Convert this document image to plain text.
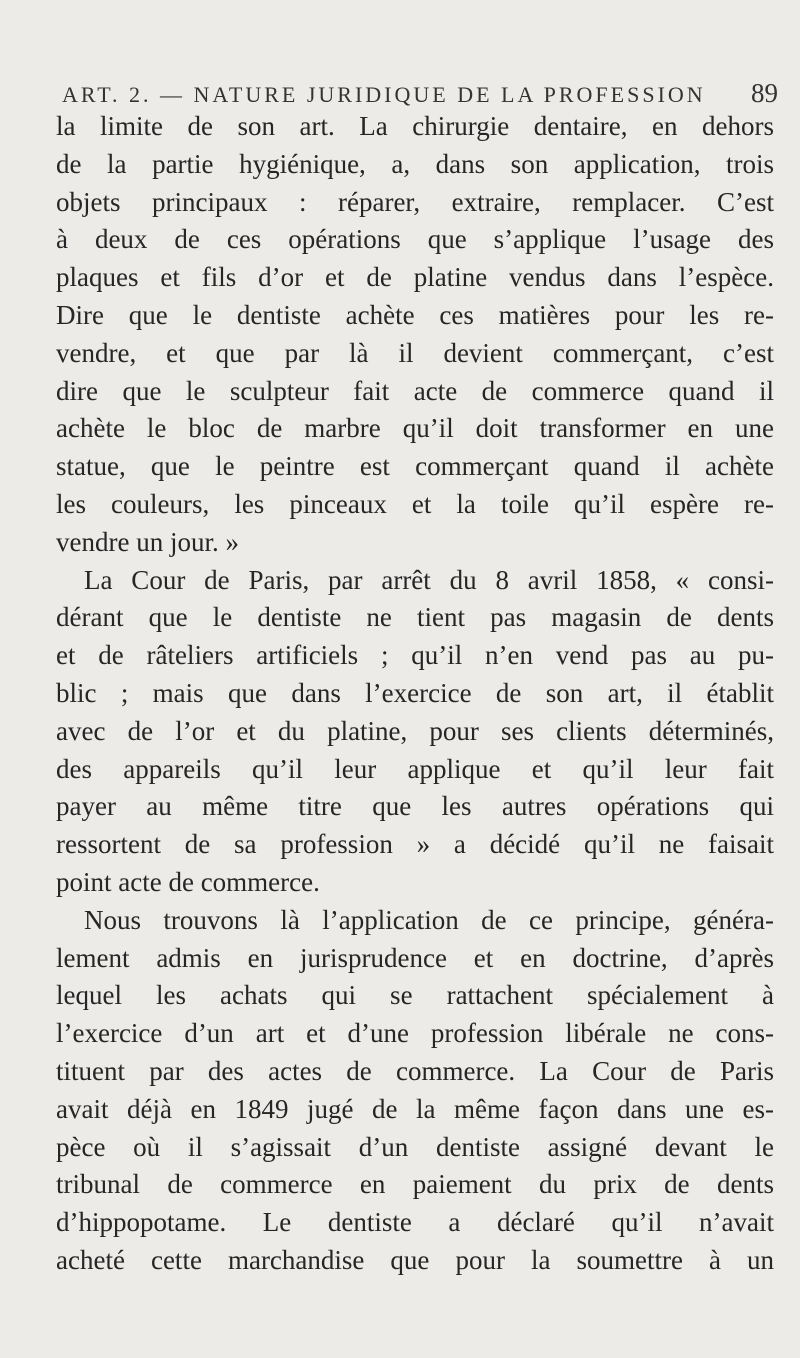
ART. 2. — NATURE JURIDIQUE DE LA PROFESSION 89
la limite de son art. La chirurgie dentaire, en dehors
de la partie hygiénique, a, dans son application, trois
objets principaux : réparer, extraire, remplacer. C’est
à deux de ces opérations que s’applique l’usage des
plaques et fils d’or et de platine vendus dans l’espèce.
Dire que le dentiste achète ces matières pour les re-
vendre, et que par là il devient commerçant, c’est
dire que le sculpteur fait acte de commerce quand il
achète le bloc de marbre qu’il doit transformer en une
statue, que le peintre est commerçant quand il achète
les couleurs, les pinceaux et la toile qu’il espère re-
vendre un jour. »
La Cour de Paris, par arrêt du 8 avril 1858, « consi-
dérant que le dentiste ne tient pas magasin de dents
et de râteliers artificiels ; qu’il n’en vend pas au pu-
blic ; mais que dans l’exercice de son art, il établit
avec de l’or et du platine, pour ses clients déterminés,
des appareils qu’il leur applique et qu’il leur fait
payer au même titre que les autres opérations qui
ressortent de sa profession » a décidé qu’il ne faisait
point acte de commerce.
Nous trouvons là l’application de ce principe, généra-
lement admis en jurisprudence et en doctrine, d’après
lequel les achats qui se rattachent spécialement à
l’exercice d’un art et d’une profession libérale ne cons-
tituent par des actes de commerce. La Cour de Paris
avait déjà en 1849 jugé de la même façon dans une es-
pèce où il s’agissait d’un dentiste assigné devant le
tribunal de commerce en paiement du prix de dents
d’hippopotame. Le dentiste a déclaré qu’il n’avait
acheté cette marchandise que pour la soumettre à un
